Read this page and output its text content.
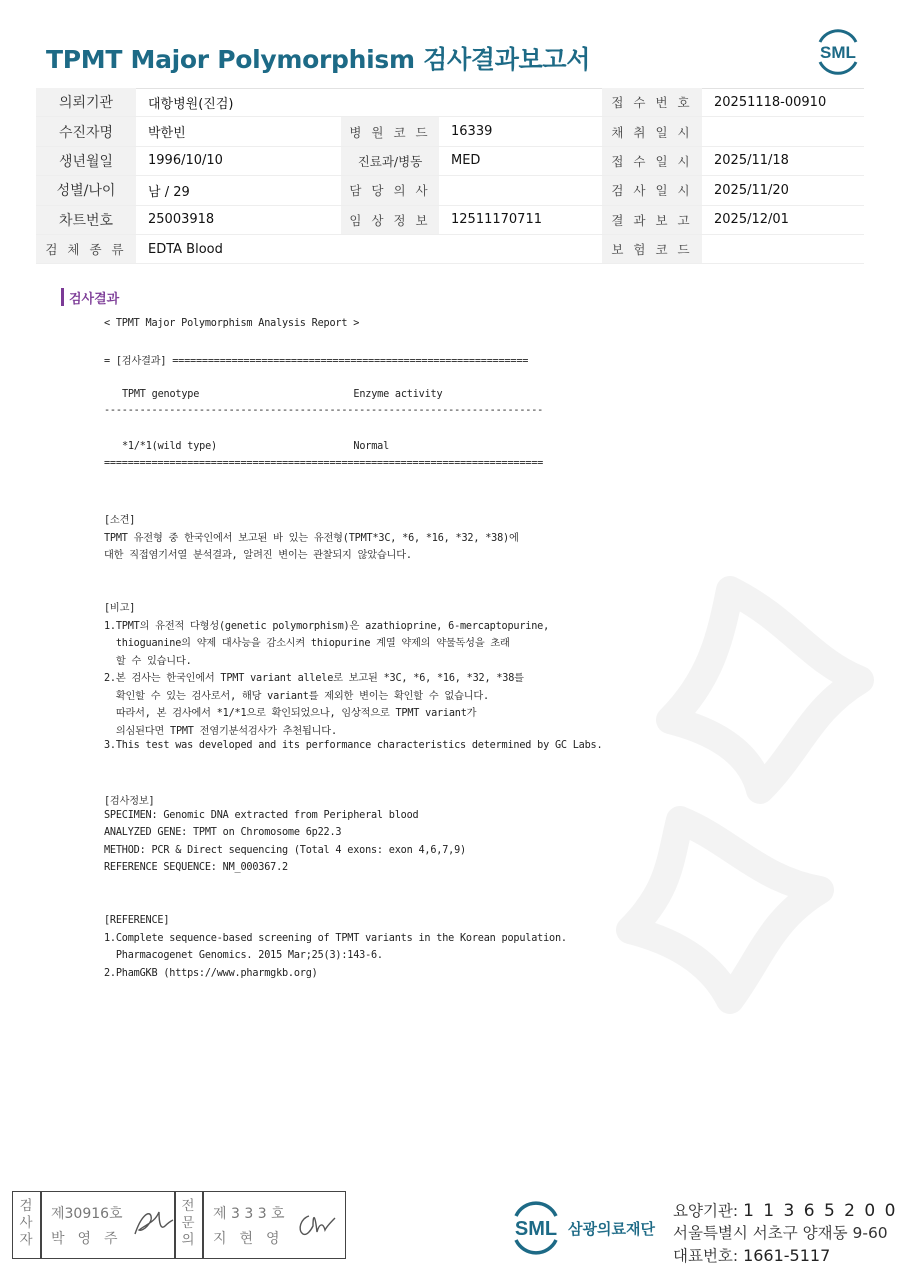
TPMT Major Polymorphism 검사결과보고서	SML
의뢰기관	대항병원(진검)			접 수 번 호	20251118-00910
수진자명	박한빈	병 원 코 드	16339	채 취 일 시	
생년월일	1996/10/10	진료과/병동	MED	접 수 일 시	2025/11/18
성별/나이	남 / 29	담 당 의 사		검 사 일 시	2025/11/20
차트번호	25003918	임 상 정 보	12511170711	결 과 보 고	2025/12/01
검 체 종 류	EDTA Blood			보 험 코 드	
검사결과
< TPMT Major Polymorphism Analysis Report >
= [검사결과] ============================================================
TPMT genotype                          Enzyme activity
--------------------------------------------------------------------------
*1/*1(wild type)                       Normal
==========================================================================
[소견]
TPMT 유전형 중 한국인에서 보고된 바 있는 유전형(TPMT*3C, *6, *16, *32, *38)에
대한 직접염기서열 분석결과, 알려진 변이는 관찰되지 않았습니다.
[비고]
1.TPMT의 유전적 다형성(genetic polymorphism)은 azathioprine, 6-mercaptopurine,
thioguanine의 약제 대사능을 감소시켜 thiopurine 계열 약제의 약물독성을 초래
할 수 있습니다.
2.본 검사는 한국인에서 TPMT variant allele로 보고된 *3C, *6, *16, *32, *38를
확인할 수 있는 검사로서, 해당 variant를 제외한 변이는 확인할 수 없습니다.
따라서, 본 검사에서 *1/*1으로 확인되었으나, 임상적으로 TPMT variant가
의심된다면 TPMT 전염기분석검사가 추천됩니다.
3.This test was developed and its performance characteristics determined by GC Labs.
[검사정보]
SPECIMEN: Genomic DNA extracted from Peripheral blood
ANALYZED GENE: TPMT on Chromosome 6p22.3
METHOD: PCR & Direct sequencing (Total 4 exons: exon 4,6,7,9)
REFERENCE SEQUENCE: NM_000367.2
[REFERENCE]
1.Complete sequence-based screening of TPMT variants in the Korean population.
Pharmacogenet Genomics. 2015 Mar;25(3):143-6.
2.PhamGKB (https://www.pharmgkb.org)
검
사
자
제30916호
박영주
전
문
의
제 3 3 3 호
지현영	SML 삼광의료재단
요양기관: 1 1 3 6 5 2 0 0
서울특별시 서초구 양재동 9-60
대표번호: 1661-5117
